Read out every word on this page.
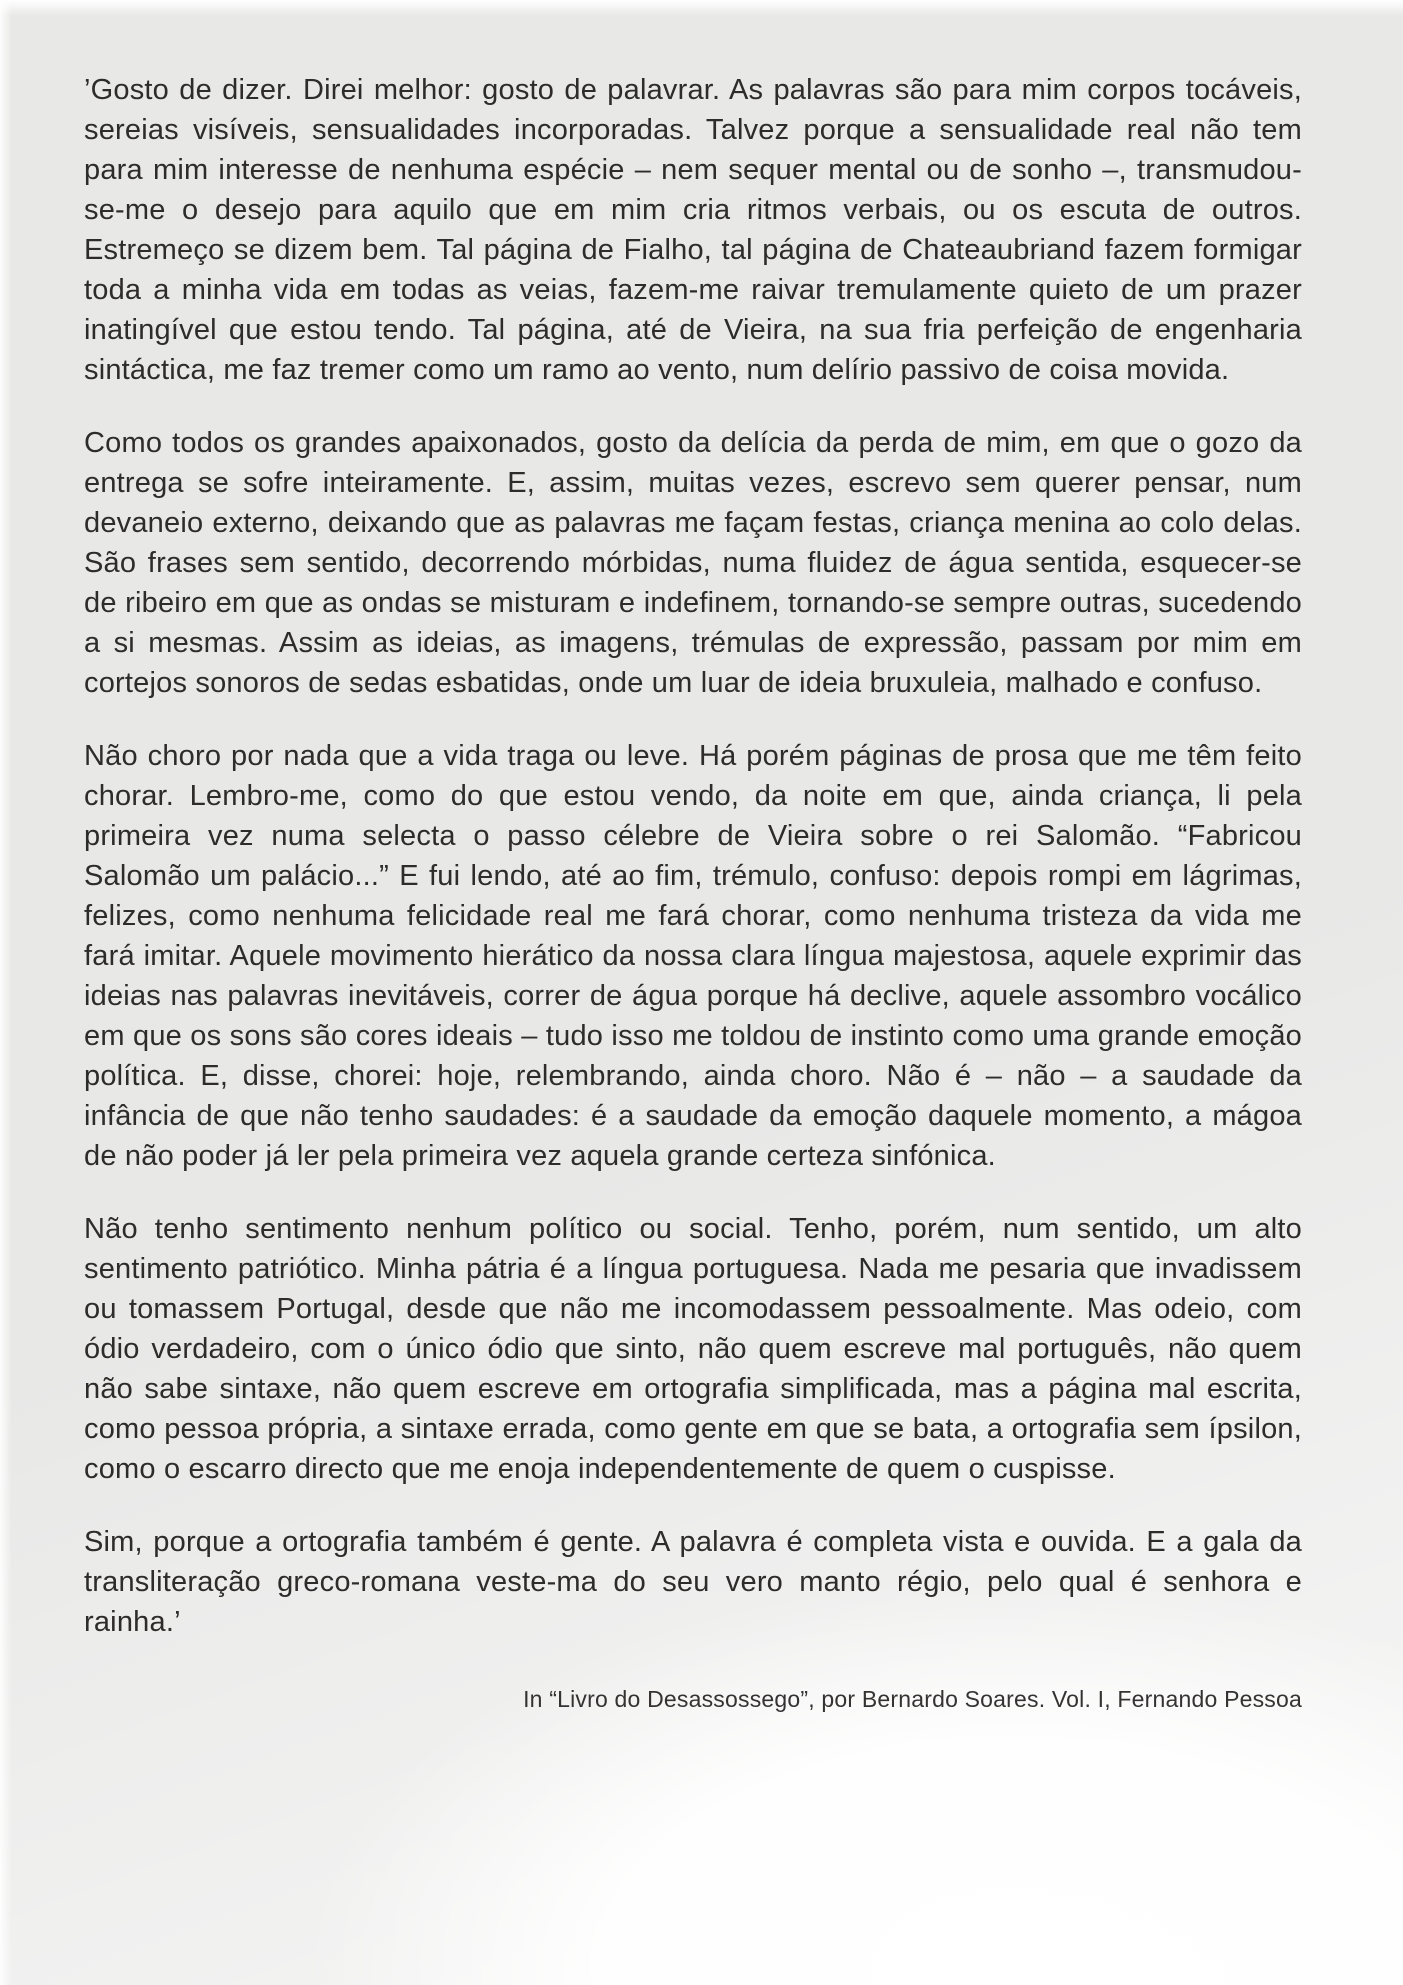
’Gosto de dizer. Direi melhor: gosto de palavrar. As palavras são para mim corpos tocáveis, sereias visíveis, sensualidades incorporadas. Talvez porque a sensualidade real não tem para mim interesse de nenhuma espécie – nem sequer mental ou de sonho –, transmudou-se-me o desejo para aquilo que em mim cria ritmos verbais, ou os escuta de outros. Estremeço se dizem bem. Tal página de Fialho, tal página de Chateaubriand fazem formigar toda a minha vida em todas as veias, fazem-me raivar tremulamente quieto de um prazer inatingível que estou tendo. Tal página, até de Vieira, na sua fria perfeição de engenharia sintáctica, me faz tremer como um ramo ao vento, num delírio passivo de coisa movida.

Como todos os grandes apaixonados, gosto da delícia da perda de mim, em que o gozo da entrega se sofre inteiramente. E, assim, muitas vezes, escrevo sem querer pensar, num devaneio externo, deixando que as palavras me façam festas, criança menina ao colo delas. São frases sem sentido, decorrendo mórbidas, numa fluidez de água sentida, esquecer-se de ribeiro em que as ondas se misturam e indefinem, tornando-se sempre outras, sucedendo a si mesmas. Assim as ideias, as imagens, trémulas de expressão, passam por mim em cortejos sonoros de sedas esbatidas, onde um luar de ideia bruxuleia, malhado e confuso.

Não choro por nada que a vida traga ou leve. Há porém páginas de prosa que me têm feito chorar. Lembro-me, como do que estou vendo, da noite em que, ainda criança, li pela primeira vez numa selecta o passo célebre de Vieira sobre o rei Salomão. “Fabricou Salomão um palácio...” E fui lendo, até ao fim, trémulo, confuso: depois rompi em lágrimas, felizes, como nenhuma felicidade real me fará chorar, como nenhuma tristeza da vida me fará imitar. Aquele movimento hierático da nossa clara língua majestosa, aquele exprimir das ideias nas palavras inevitáveis, correr de água porque há declive, aquele assombro vocálico em que os sons são cores ideais – tudo isso me toldou de instinto como uma grande emoção política. E, disse, chorei: hoje, relembrando, ainda choro. Não é – não – a saudade da infância de que não tenho saudades: é a saudade da emoção daquele momento, a mágoa de não poder já ler pela primeira vez aquela grande certeza sinfónica.

Não tenho sentimento nenhum político ou social. Tenho, porém, num sentido, um alto sentimento patriótico. Minha pátria é a língua portuguesa. Nada me pesaria que invadissem ou tomassem Portugal, desde que não me incomodassem pessoalmente. Mas odeio, com ódio verdadeiro, com o único ódio que sinto, não quem escreve mal português, não quem não sabe sintaxe, não quem escreve em ortografia simplificada, mas a página mal escrita, como pessoa própria, a sintaxe errada, como gente em que se bata, a ortografia sem ípsilon, como o escarro directo que me enoja independentemente de quem o cuspisse.

Sim, porque a ortografia também é gente. A palavra é completa vista e ouvida. E a gala da transliteração greco-romana veste-ma do seu vero manto régio, pelo qual é senhora e rainha.’

In “Livro do Desassossego”, por Bernardo Soares. Vol. I, Fernando Pessoa
